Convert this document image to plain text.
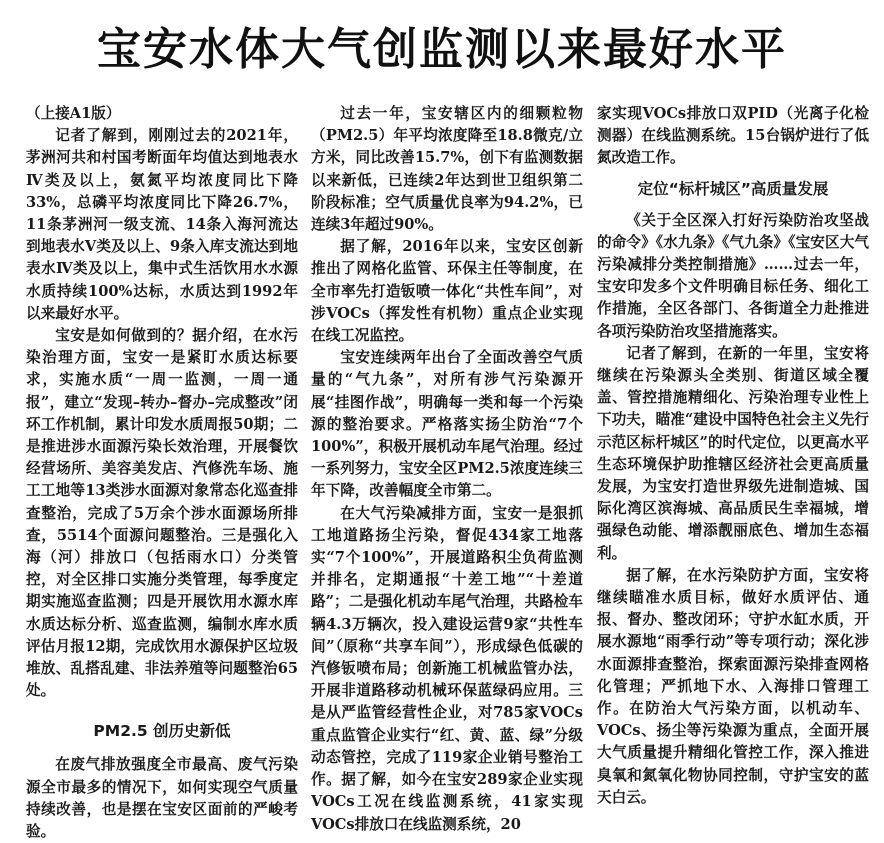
宝安水体大气创监测以来最好水平

（上接A1版）

记者了解到，刚刚过去的2021年，茅洲河共和村国考断面年均值达到地表水Ⅳ类及以上，氨氮平均浓度同比下降33%，总磷平均浓度同比下降26.7%，11条茅洲河一级支流、14条入海河流达到地表水Ⅴ类及以上、9条入库支流达到地表水Ⅳ类及以上，集中式生活饮用水水源水质持续100%达标，水质达到1992年以来最好水平。

宝安是如何做到的？据介绍，在水污染治理方面，宝安一是紧盯水质达标要求，实施水质“一周一监测，一周一通报”，建立“发现–转办–督办–完成整改”闭环工作机制，累计印发水质周报50期；二是推进涉水面源污染长效治理，开展餐饮经营场所、美容美发店、汽修洗车场、施工工地等13类涉水面源对象常态化巡查排查整治，完成了5万余个涉水面源场所排查，5514个面源问题整治。三是强化入海（河）排放口（包括雨水口）分类管控，对全区排口实施分类管理，每季度定期实施巡查监测；四是开展饮用水源水库水质达标分析、巡查监测，编制水库水质评估月报12期，完成饮用水源保护区垃圾堆放、乱搭乱建、非法养殖等问题整治65处。

PM2.5 创历史新低

在废气排放强度全市最高、废气污染源全市最多的情况下，如何实现空气质量持续改善，也是摆在宝安区面前的严峻考验。

过去一年，宝安辖区内的细颗粒物（PM2.5）年平均浓度降至18.8微克/立方米，同比改善15.7%，创下有监测数据以来新低，已连续2年达到世卫组织第二阶段标准；空气质量优良率为94.2%，已连续3年超过90%。

据了解，2016年以来，宝安区创新推出了网格化监管、环保主任等制度，在全市率先打造钣喷一体化“共性车间”，对涉VOCs（挥发性有机物）重点企业实现在线工况监控。

宝安连续两年出台了全面改善空气质量的“气九条”，对所有涉气污染源开展“挂图作战”，明确每一类和每一个污染源的整治要求。严格落实扬尘防治“7个100%”，积极开展机动车尾气治理。经过一系列努力，宝安全区PM2.5浓度连续三年下降，改善幅度全市第二。

在大气污染减排方面，宝安一是狠抓工地道路扬尘污染，督促434家工地落实“7个100%”，开展道路积尘负荷监测并排名，定期通报“十差工地”“十差道路”；二是强化机动车尾气治理，共路检车辆4.3万辆次，投入建设运营9家“共性车间”（原称“共享车间”），形成绿色低碳的汽修钣喷布局；创新施工机械监管办法，开展非道路移动机械环保蓝绿码应用。三是从严监管经营性企业，对785家VOCs重点监管企业实行“红、黄、蓝、绿”分级动态管控，完成了119家企业销号整治工作。据了解，如今在宝安289家企业实现VOCs工况在线监测系统，41家实现VOCs排放口在线监测系统，20

家实现VOCs排放口双PID（光离子化检测器）在线监测系统。15台锅炉进行了低氮改造工作。

定位“标杆城区”高质量发展

《关于全区深入打好污染防治攻坚战的命令》《水九条》《气九条》《宝安区大气污染减排分类控制措施》……过去一年，宝安印发多个文件明确目标任务、细化工作措施，全区各部门、各街道全力赴推进各项污染防治攻坚措施落实。

记者了解到，在新的一年里，宝安将继续在污染源头全类别、街道区域全覆盖、管控措施精细化、污染治理专业性上下功夫，瞄准“建设中国特色社会主义先行示范区标杆城区”的时代定位，以更高水平生态环境保护助推辖区经济社会更高质量发展，为宝安打造世界级先进制造城、国际化湾区滨海城、高品质民生幸福城，增强绿色动能、增添靓丽底色、增加生态福利。

据了解，在水污染防护方面，宝安将继续瞄准水质目标，做好水质评估、通报、督办、整改闭环；守护水缸水质，开展水源地“雨季行动”等专项行动；深化涉水面源排查整治，探索面源污染排查网格化管理；严抓地下水、入海排口管理工作。在防治大气污染方面，以机动车、VOCs、扬尘等污染源为重点，全面开展大气质量提升精细化管控工作，深入推进臭氧和氮氧化物协同控制，守护宝安的蓝天白云。
